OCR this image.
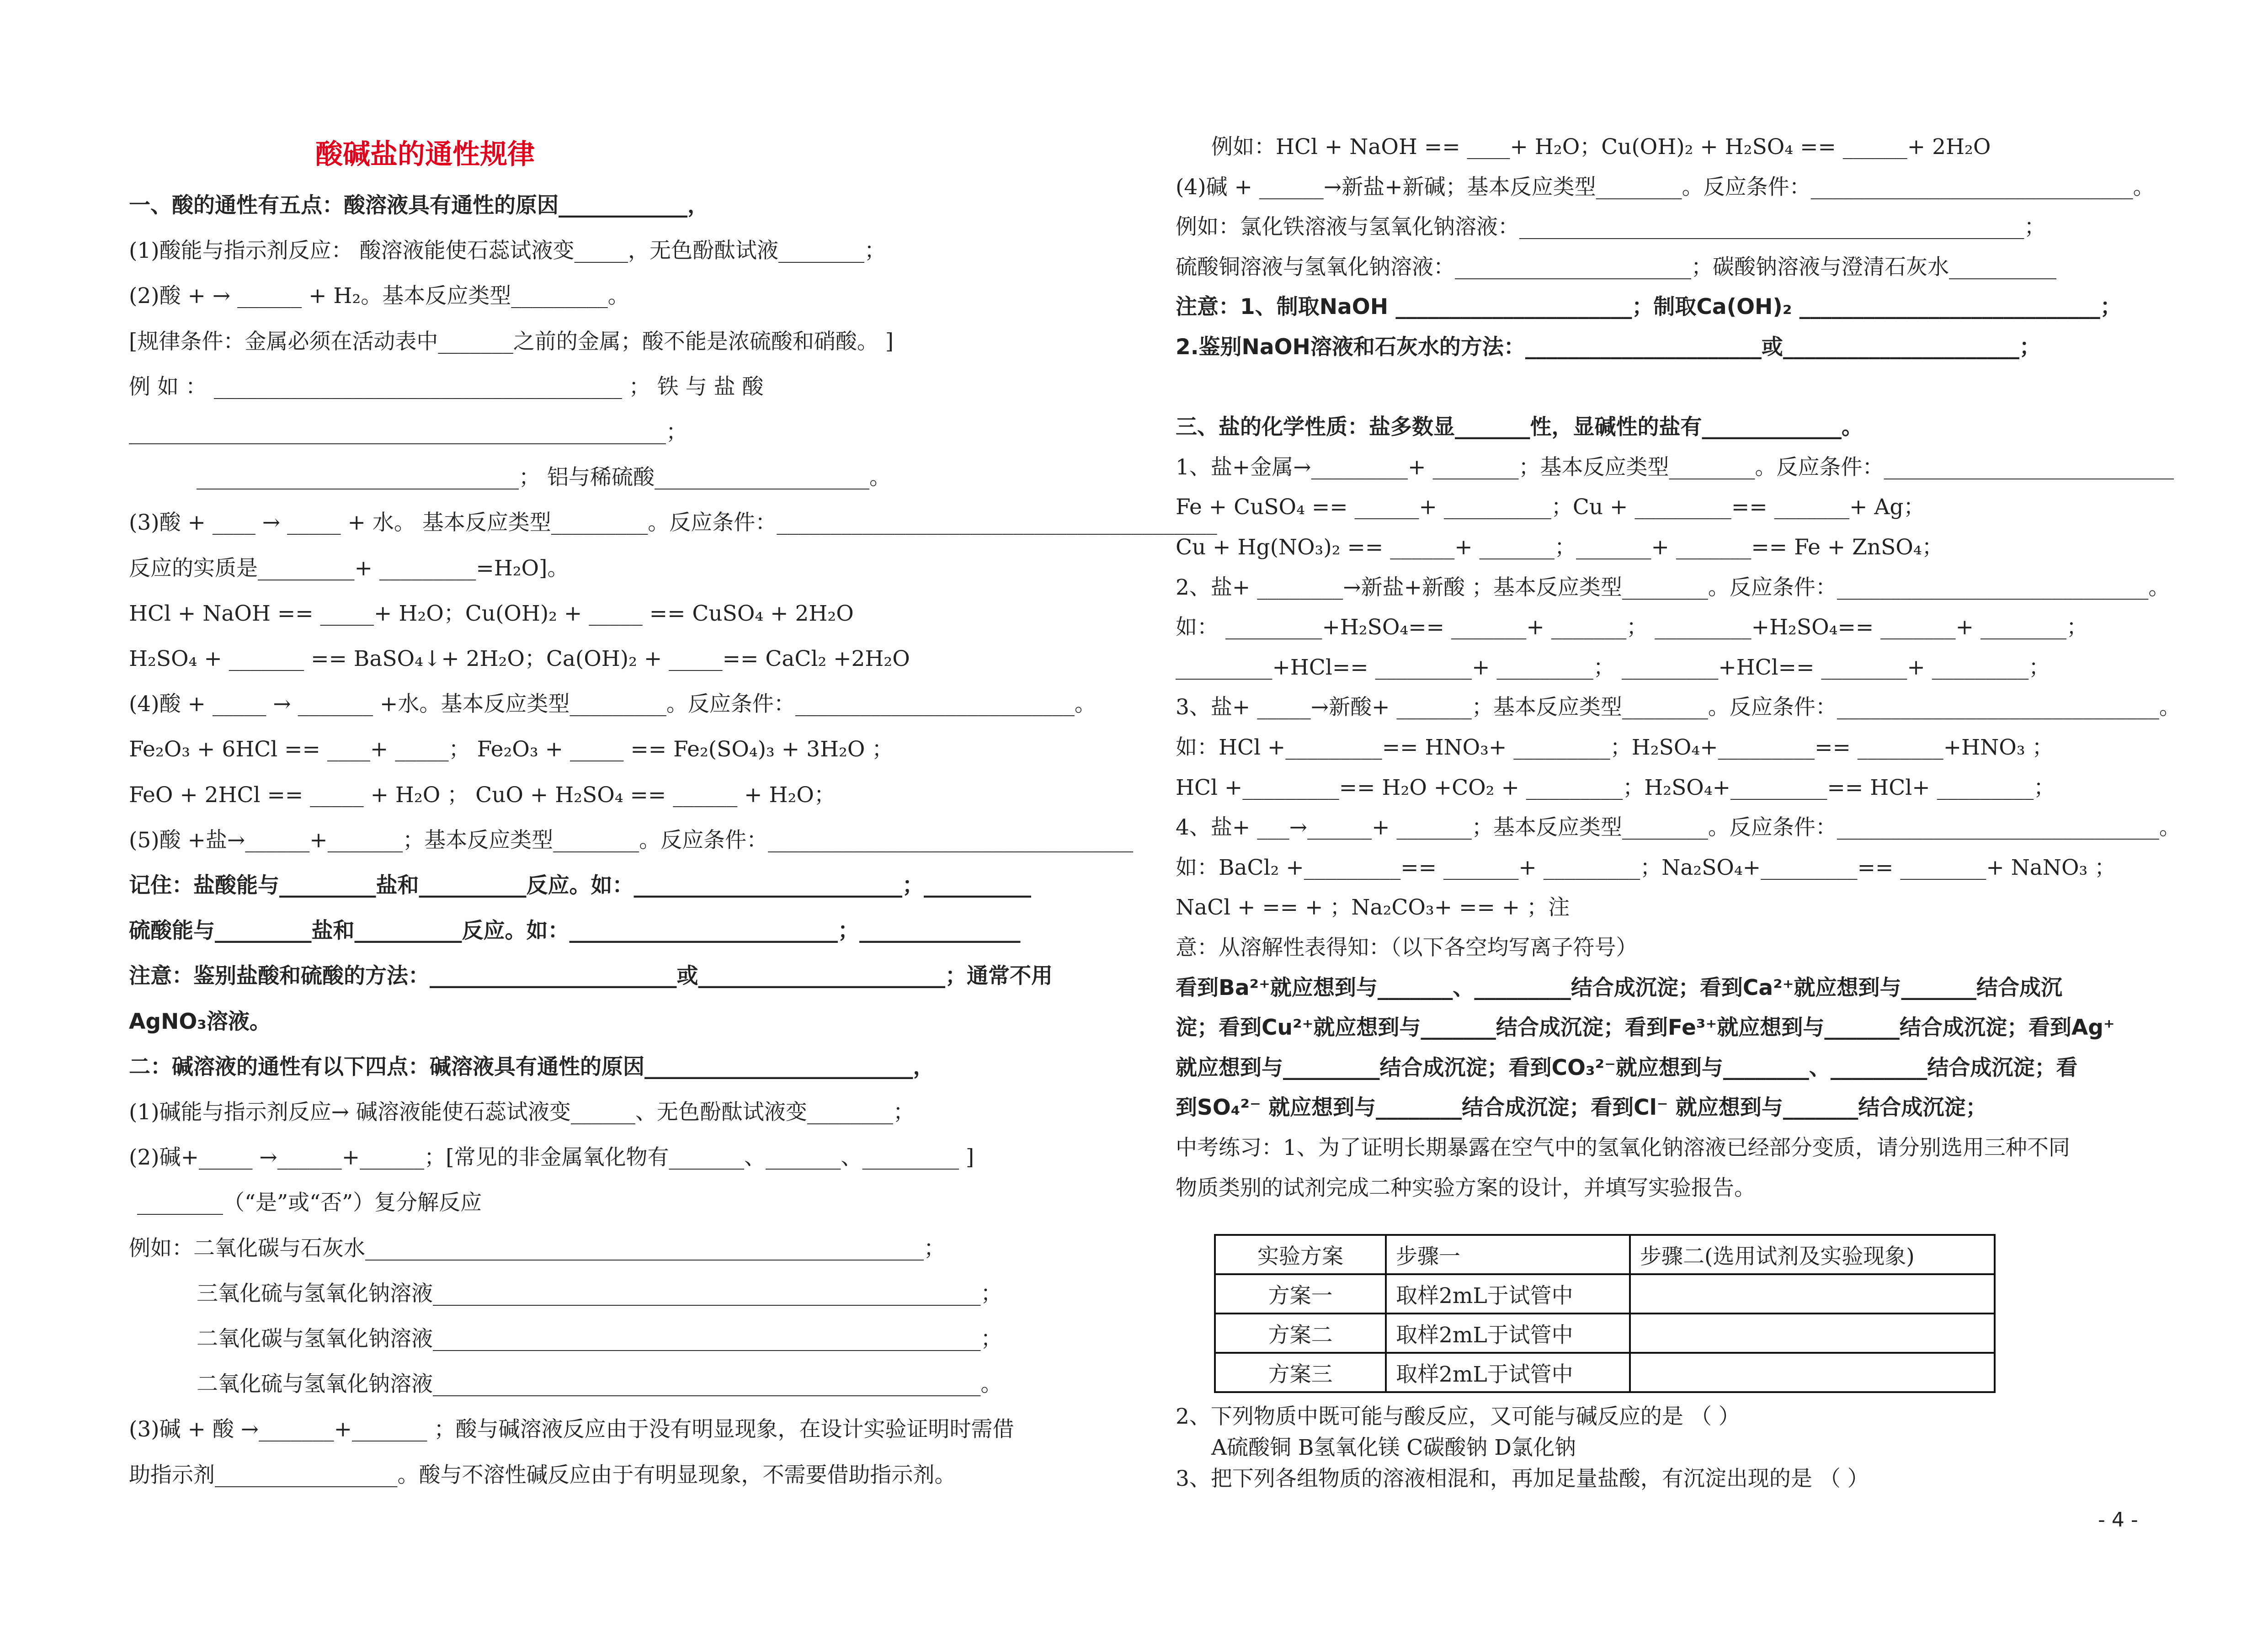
酸碱盐的通性规律
一、酸的通性有五点：酸溶液具有通性的原因____________，
(1)酸能与指示剂反应： 酸溶液能使石蕊试液变_____，无色酚酞试液________；
(2)酸 + → ______ + H₂。基本反应类型_________。
[规律条件：金属必须在活动表中_______之前的金属；酸不能是浓硫酸和硝酸。 ]
例 如 ： ______________________________________ ； 铁 与 盐 酸
__________________________________________________；
______________________________； 铝与稀硫酸____________________。
(3)酸 + ____ → _____ + 水。 基本反应类型_________。反应条件：_________________________________________
反应的实质是_________+ _________=H₂O]。
HCl + NaOH == _____+ H₂O；Cu(OH)₂ + _____ == CuSO₄ + 2H₂O
H₂SO₄ + _______ == BaSO₄↓+ 2H₂O；Ca(OH)₂ + _____== CaCl₂ +2H₂O
(4)酸 + _____ → _______ +水。基本反应类型_________。反应条件：__________________________。
Fe₂O₃ + 6HCl == ____+ _____； Fe₂O₃ + _____ == Fe₂(SO₄)₃ + 3H₂O ；
FeO + 2HCl == _____ + H₂O ； CuO + H₂SO₄ == ______ + H₂O；
(5)酸 +盐→______+_______；基本反应类型________。反应条件：__________________________________
记住：盐酸能与_________盐和__________反应。如：_________________________；__________
硫酸能与_________盐和__________反应。如：_________________________；_______________
注意：鉴别盐酸和硫酸的方法：_______________________或_______________________；通常不用
AgNO₃溶液。
二：碱溶液的通性有以下四点：碱溶液具有通性的原因_________________________，
(1)碱能与指示剂反应→ 碱溶液能使石蕊试液变______、无色酚酞试液变________；
(2)碱+_____ →______+______；[常见的非金属氧化物有_______、_______、_________ ]
________（“是”或“否”）复分解反应
例如：二氧化碳与石灰水____________________________________________________；
三氧化硫与氢氧化钠溶液___________________________________________________；
二氧化碳与氢氧化钠溶液___________________________________________________；
二氧化硫与氢氧化钠溶液___________________________________________________。
(3)碱 + 酸 →_______+_______ ；酸与碱溶液反应由于没有明显现象，在设计实验证明时需借
助指示剂_________________。酸与不溶性碱反应由于有明显现象，不需要借助指示剂。
例如：HCl + NaOH == ____+ H₂O；Cu(OH)₂ + H₂SO₄ == ______+ 2H₂O
(4)碱 + ______→新盐+新碱；基本反应类型________。反应条件：______________________________。
例如：氯化铁溶液与氢氧化钠溶液：_______________________________________________；
硫酸铜溶液与氢氧化钠溶液：______________________；碳酸钠溶液与澄清石灰水__________
注意：1、制取NaOH ______________________；制取Ca(OH)₂ ____________________________；
2.鉴别NaOH溶液和石灰水的方法：______________________或______________________；
三、盐的化学性质：盐多数显_______性，显碱性的盐有_____________。
1、盐+金属→_________+ ________；基本反应类型________。反应条件：___________________________
Fe + CuSO₄ == ______+ __________；Cu + _________== _______+ Ag；
Cu + Hg(NO₃)₂ == ______+ _______；_______+ _______== Fe + ZnSO₄；
2、盐+ ________→新盐+新酸 ；基本反应类型________。反应条件：_____________________________。
如： _________+H₂SO₄== _______+ _______； _________+H₂SO₄== _______+ ________；
_________+HCl== _________+ _________； _________+HCl== ________+ _________；
3、盐+ _____→新酸+ _______；基本反应类型________。反应条件：______________________________。
如：HCl +_________== HNO₃+ _________；H₂SO₄+_________== ________+HNO₃ ；
HCl +_________== H₂O +CO₂ + _________；H₂SO₄+_________== HCl+ _________；
4、盐+ ___→______+ _______；基本反应类型________。反应条件：______________________________。
如：BaCl₂ +_________== _______+ _________；Na₂SO₄+_________== ________+ NaNO₃ ；
NaCl + == + ；Na₂CO₃+ == + ；注
意：从溶解性表得知：（以下各空均写离子符号）
看到Ba²⁺就应想到与_______、_________结合成沉淀；看到Ca²⁺就应想到与_______结合成沉
淀；看到Cu²⁺就应想到与_______结合成沉淀；看到Fe³⁺就应想到与_______结合成沉淀；看到Ag⁺
就应想到与_________结合成沉淀；看到CO₃²⁻就应想到与________、_________结合成沉淀；看
到SO₄²⁻ 就应想到与________结合成沉淀；看到Cl⁻ 就应想到与_______结合成沉淀；
中考练习：1、为了证明长期暴露在空气中的氢氧化钠溶液已经部分变质，请分别选用三种不同
物质类别的试剂完成二种实验方案的设计，并填写实验报告。
实验方案	步骤一	步骤二(选用试剂及实验现象)
方案一	取样2mL于试管中	
方案二	取样2mL于试管中	
方案三	取样2mL于试管中	
2、下列物质中既可能与酸反应，又可能与碱反应的是 （ ）
A硫酸铜 B氢氧化镁 C碳酸钠 D氯化钠
3、把下列各组物质的溶液相混和，再加足量盐酸，有沉淀出现的是 （ ）
- 4 -
